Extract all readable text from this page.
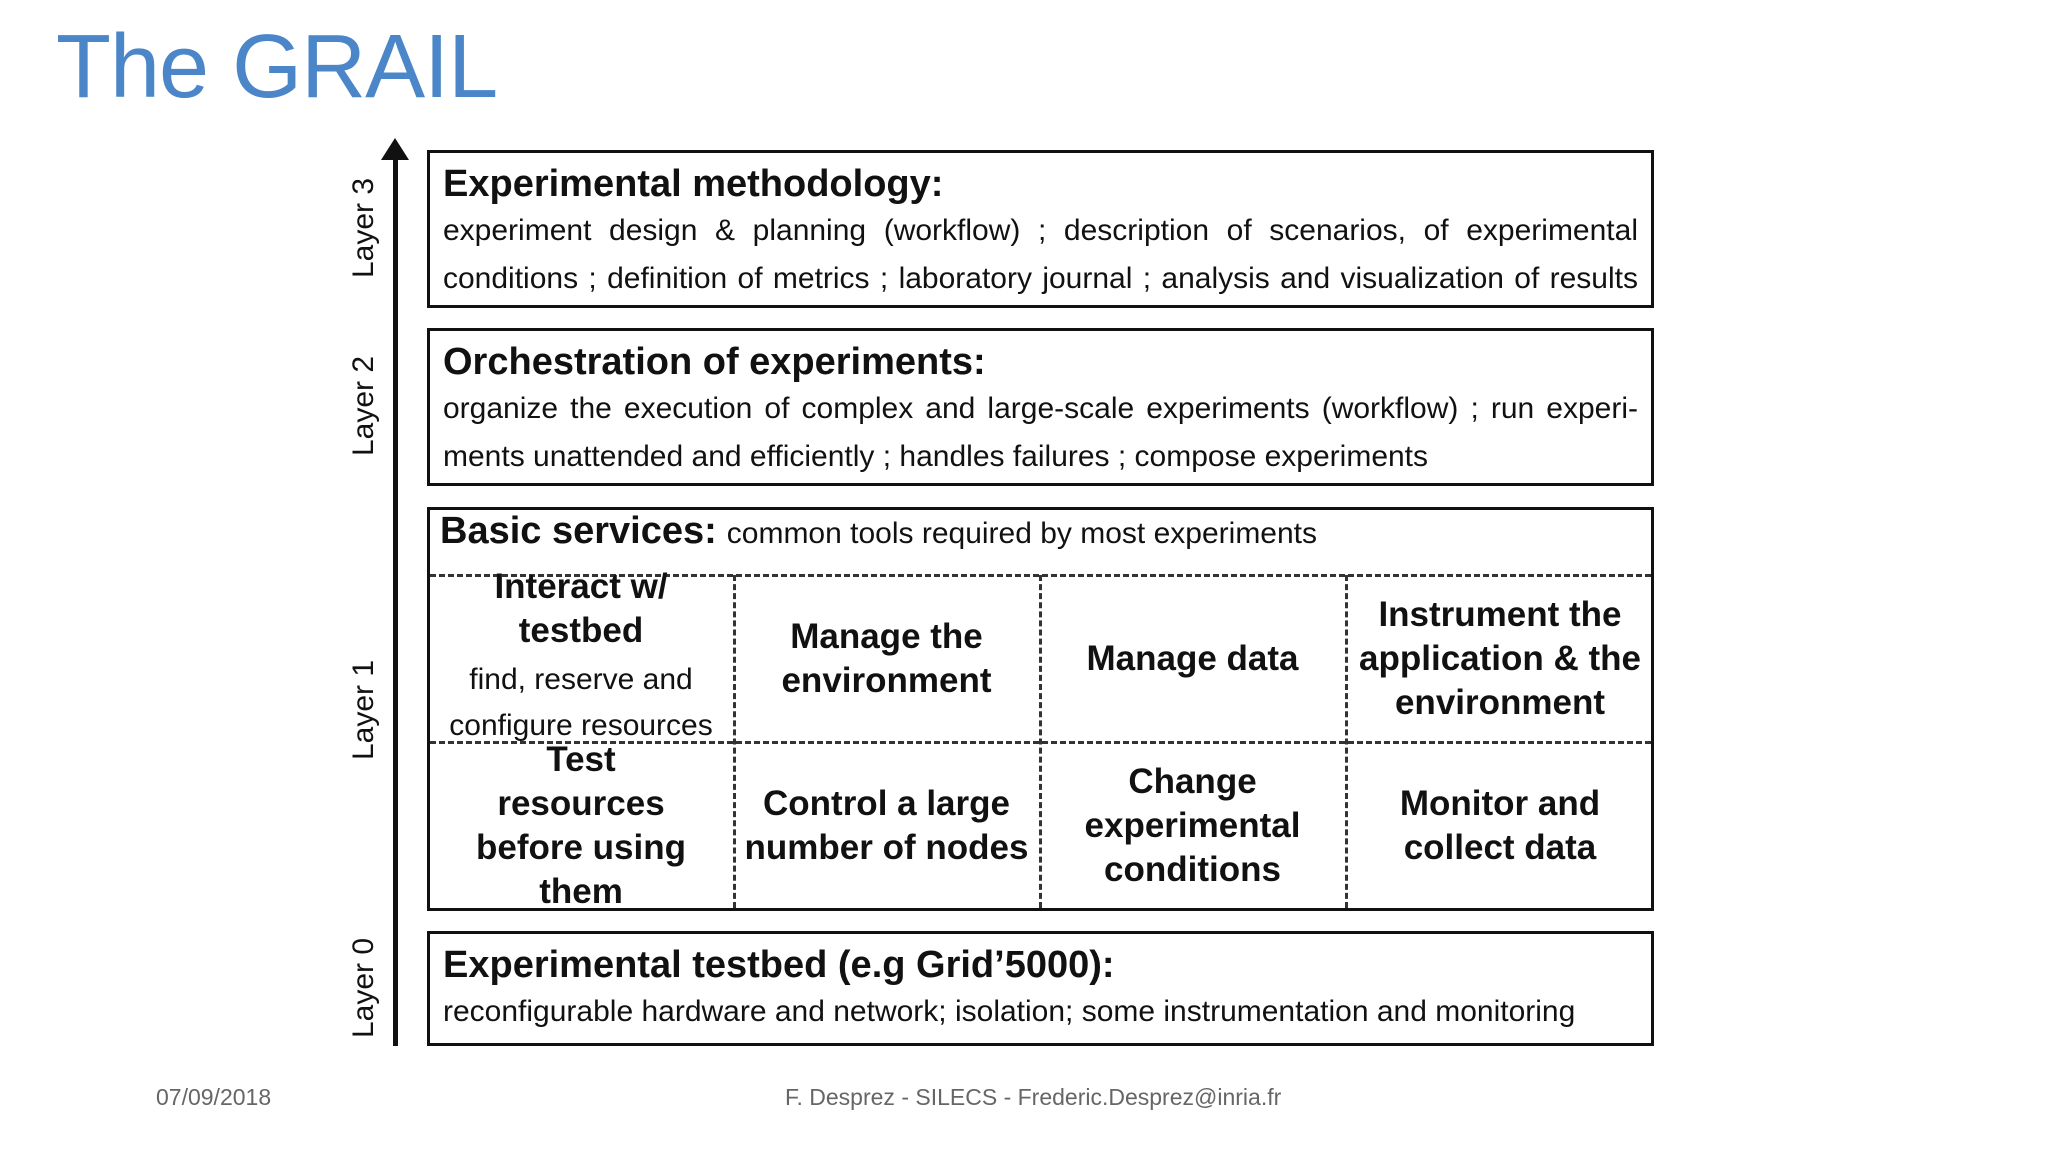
The GRAIL
Layer 3
Layer 2
Layer 1
Layer 0
Experimental methodology:
experiment design & planning (workflow) ; description of scenarios, of experimental
conditions ; definition of metrics ; laboratory journal ; analysis and visualization of results
Orchestration of experiments:
organize the execution of complex and large-scale experiments (workflow) ; run experi-
ments unattended and efficiently ; handles failures ; compose experiments
Basic services: common tools required by most experiments
Interact w/ testbed
find, reserve and configure resources
Manage the environment
Manage data
Instrument the application & the environment
Test resources before using them
Control a large number of nodes
Change experimental conditions
Monitor and collect data
Experimental testbed (e.g Grid’5000):
reconfigurable hardware and network; isolation; some instrumentation and monitoring
07/09/2018	F. Desprez - SILECS - Frederic.Desprez@inria.fr
